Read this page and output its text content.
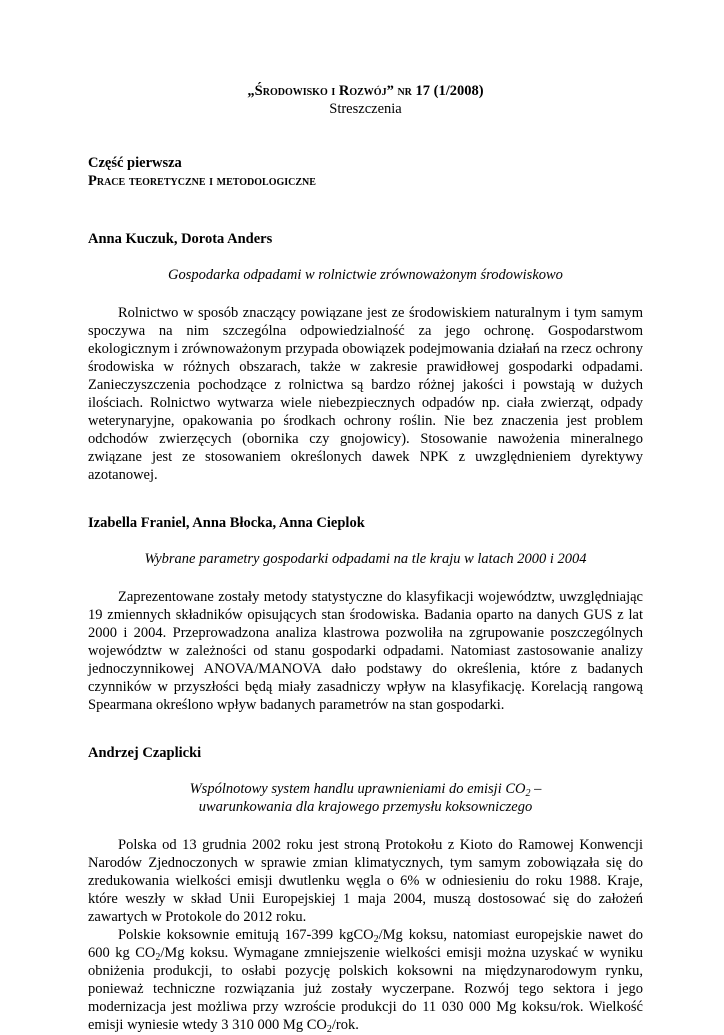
„Środowisko i Rozwój” nr 17 (1/2008)
Streszczenia
Część pierwsza
Prace teoretyczne i metodologiczne
Anna Kuczuk, Dorota Anders
Gospodarka odpadami w rolnictwie zrównoważonym środowiskowo

Rolnictwo w sposób znaczący powiązane jest ze środowiskiem naturalnym i tym samym spoczywa na nim szczególna odpowiedzialność za jego ochronę. Gospodarstwom ekologicznym i zrównoważonym przypada obowiązek podejmowania działań na rzecz ochrony środowiska w różnych obszarach, także w zakresie prawidłowej gospodarki odpadami. Zanieczyszczenia pochodzące z rolnictwa są bardzo różnej jakości i powstają w dużych ilościach. Rolnictwo wytwarza wiele niebezpiecznych odpadów np. ciała zwierząt, odpady weterynaryjne, opakowania po środkach ochrony roślin. Nie bez znaczenia jest problem odchodów zwierzęcych (obornika czy gnojowicy). Stosowanie nawożenia mineralnego związane jest ze stosowaniem określonych dawek NPK z uwzględnieniem dyrektywy azotanowej.

Izabella Franiel, Anna Błocka, Anna Cieplok
Wybrane parametry gospodarki odpadami na tle kraju w latach 2000 i 2004

Zaprezentowane zostały metody statystyczne do klasyfikacji województw, uwzględniając 19 zmiennych składników opisujących stan środowiska. Badania oparto na danych GUS z lat 2000 i 2004. Przeprowadzona analiza klastrowa pozwoliła na zgrupowanie poszczególnych województw w zależności od stanu gospodarki odpadami. Natomiast zastosowanie analizy jednoczynnikowej ANOVA/MANOVA dało podstawy do określenia, które z badanych czynników w przyszłości będą miały zasadniczy wpływ na klasyfikację. Korelacją rangową Spearmana określono wpływ badanych parametrów na stan gospodarki.

Andrzej Czaplicki
Wspólnotowy system handlu uprawnieniami do emisji $CO_2$ –
uwarunkowania dla krajowego przemysłu koksowniczego

Polska od 13 grudnia 2002 roku jest stroną Protokołu z Kioto do Ramowej Konwencji Narodów Zjednoczonych w sprawie zmian klimatycznych, tym samym zobowiązała się do zredukowania wielkości emisji dwutlenku węgla o 6% w odniesieniu do roku 1988. Kraje, które weszły w skład Unii Europejskiej 1 maja 2004, muszą dostosować się do założeń zawartych w Protokole do 2012 roku.

Polskie koksownie emitują 167-399 kgCO$_2$/Mg koksu, natomiast europejskie nawet do 600 kg $CO_2/Mg$ koksu. Wymagane zmniejszenie wielkości emisji można uzyskać w wyniku obniżenia produkcji, to osłabi pozycję polskich koksowni na międzynarodowym rynku, ponieważ techniczne rozwiązania już zostały wyczerpane. Rozwój tego sektora i jego modernizacja jest możliwa przy wzroście produkcji do 11 030 000 Mg koksu/rok. Wielkość emisji wyniesie wtedy 3 310 000 Mg $CO_2$/rok.
